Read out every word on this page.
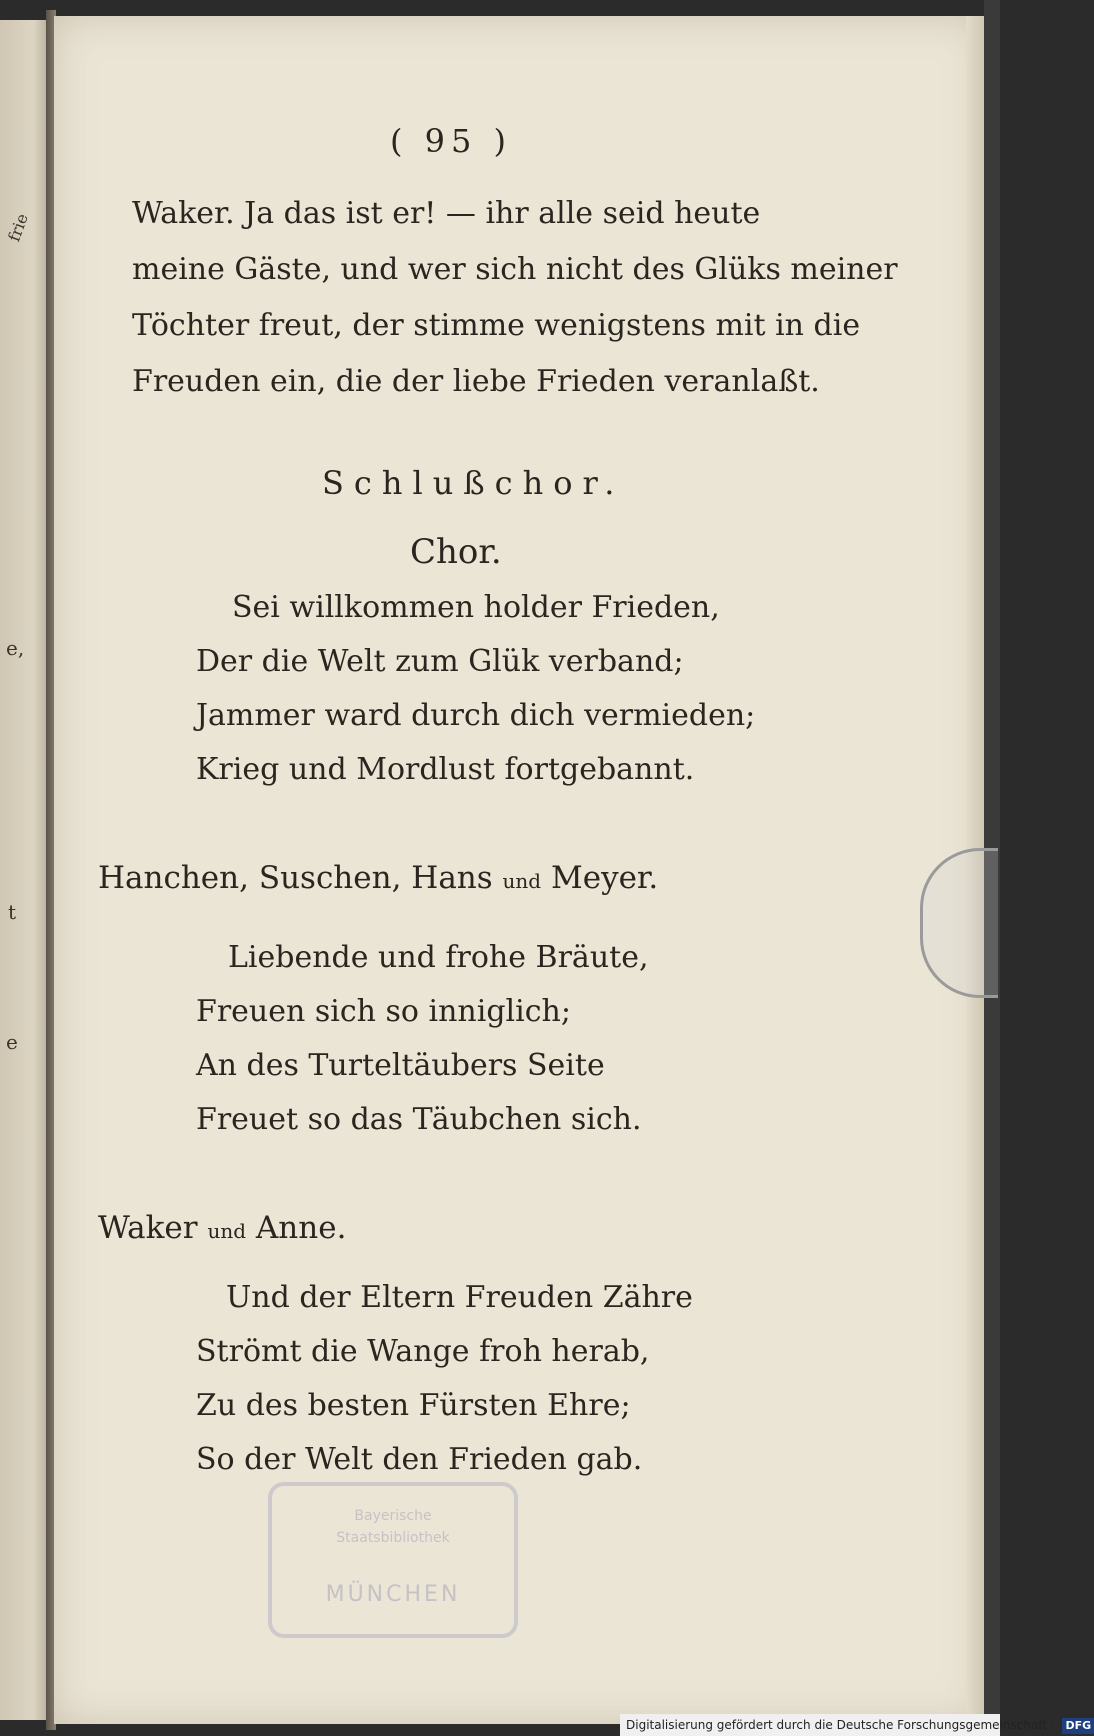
frie
e,
t
e
( 95 )
Waker. Ja das ist er! — ihr alle seid heute
meine Gäste, und wer sich nicht des Glüks meiner
Töchter freut, der stimme wenigstens mit in die
Freuden ein, die der liebe Frieden veranlaßt.
Schlußchor.
Chor.
Sei willkommen holder Frieden,
Der die Welt zum Glük verband;
Jammer ward durch dich vermieden;
Krieg und Mordlust fortgebannt.
Hanchen, Suschen, Hans und Meyer.
Liebende und frohe Bräute,
Freuen sich so inniglich;
An des Turteltäubers Seite
Freuet so das Täubchen sich.
Waker und Anne.
Und der Eltern Freuden Zähre
Strömt die Wange froh herab,
Zu des besten Fürsten Ehre;
So der Welt den Frieden gab.
Bayerische
Staatsbibliothek
MÜNCHEN
Digitalisierung gefördert durch die Deutsche Forschungsgemeinschaft · DFG
